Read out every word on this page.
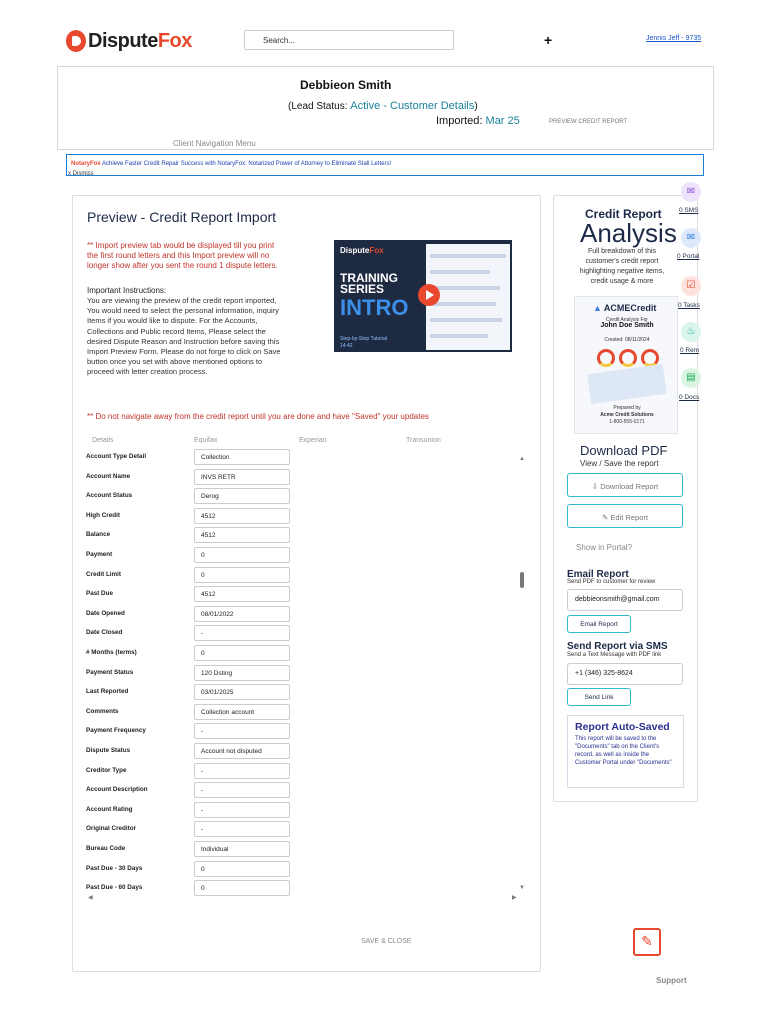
Dispute Fox
Search...	+	Jennis Jeff - 9735
Debbieon Smith
(Lead Status: Active - Customer Details)
Imported: Mar 25	PREVIEW CREDIT REPORT
Client Navigation Menu
NotaryFox Achieve Faster Credit Repair Success with NotaryFox: Notarized Power of Attorney to Eliminate Stall Letters!
x Dismiss
Preview - Credit Report Import
** Import preview tab would be displayed till you print the first round letters and this Import preview will no longer show after you sent the round 1 dispute letters.
Important Instructions:
You are viewing the preview of the credit report imported, You would need to select the personal information, inquiry Items if you would like to dispute. For the Accounts, Collections and Public record Items, Please select the desired Dispute Reason and Instruction before saving this Import Preview Form. Please do not forge to click on Save button once you set with above mentioned options to proceed with letter creation process.
DisputeFox
TRAINING
SERIES
INTRO
Step-by-Step Tutorial
14:42
** Do not navigate away from the credit report until you are done and have "Saved" your updates
Details	Equifax	Experian	Transunion
Account Type Detail	Collection
Account Name	INVS RETR
Account Status	Derog
High Credit	4512
Balance	4512
Payment	0
Credit Limit	0
Past Due	4512
Date Opened	08/01/2022
Date Closed	-
# Months (terms)	0
Payment Status	120 Dsting
Last Reported	03/01/2025
Comments	Collection account
Payment Frequency	-
Dispute Status	Account not disputed
Creditor Type	-
Account Description	-
Account Rating	-
Original Creditor	-
Bureau Code	Individual
Past Due - 30 Days	0
Past Due - 60 Days	0
▲
▼
◀	▶
SAVE & CLOSE
Credit Report
Analysis
Full breakdown of this customer's credit report highlighting negative items, credit usage & more
▲ ACMECredit
Credit Analysis For
John Doe Smith
Created: 08/11/2024
Prepared by
Acme Credit Solutions
1-800-555-0171
Download PDF
View / Save the report
⇩ Download Report
✎ Edit Report
Show in Portal?
Email Report
Send PDF to customer for review
debbieonsmith@gmail.com
Email Report
Send Report via SMS
Send a Text Message with PDF link
+1 (346) 325-8624
Send Link
Report Auto-Saved
This report will be saved to the "Documents" tab on the Client's record, as well as inside the Customer Portal under "Documents"
✉
0 SMS
✉
0 Portal
☑
0 Tasks
♨
0 Rem
▤
0 Docs
✎
Support
